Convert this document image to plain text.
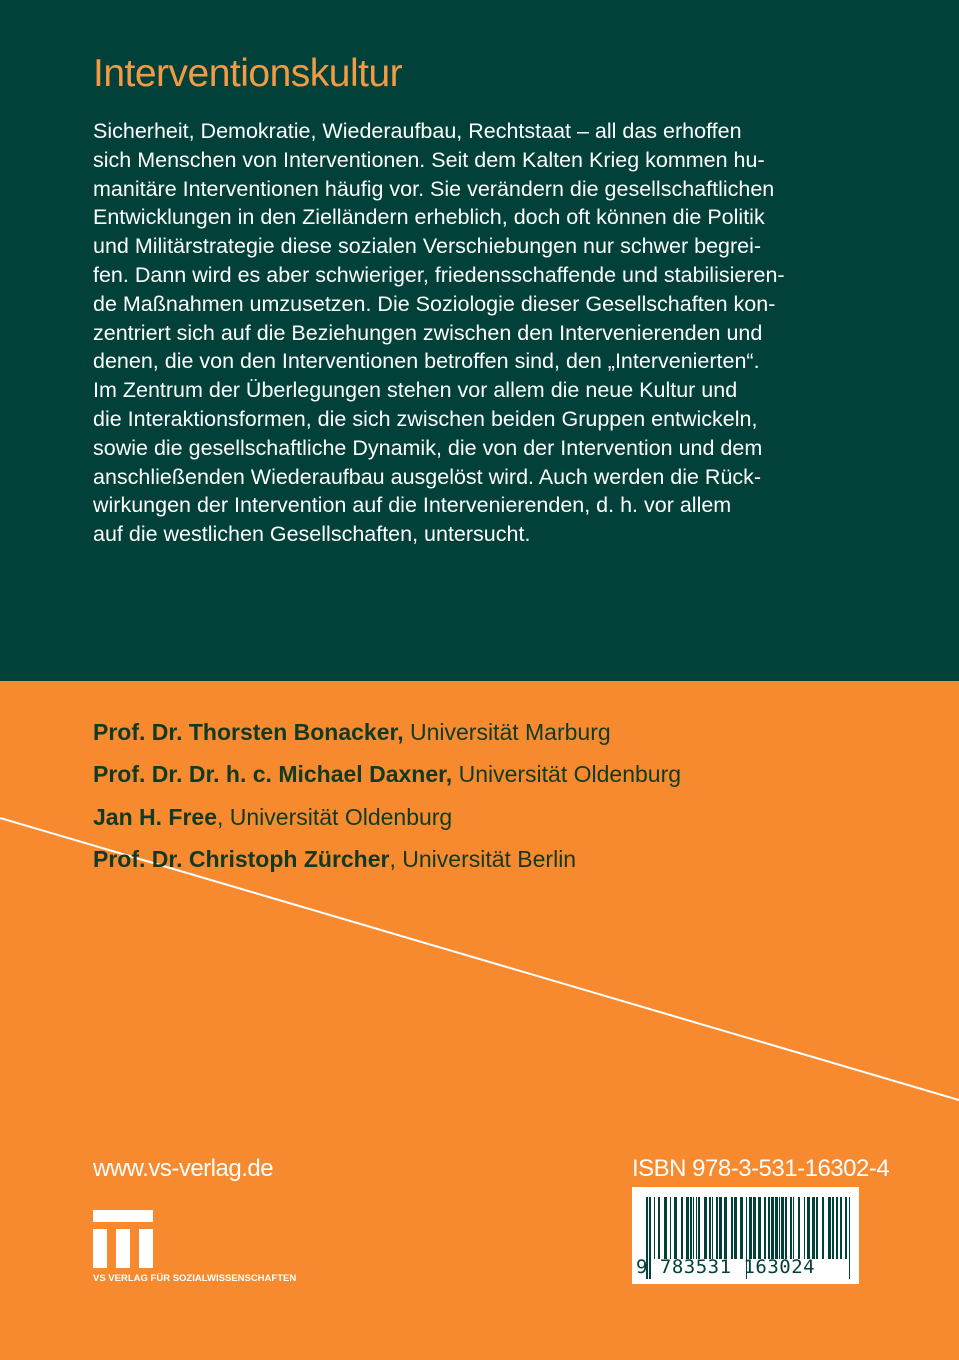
Interventionskultur
Sicherheit, Demokratie, Wiederaufbau, Rechtstaat – all das erhoffen
sich Menschen von Interventionen. Seit dem Kalten Krieg kommen hu-
manitäre Interventionen häufig vor. Sie verändern die gesellschaftlichen
Entwicklungen in den Zielländern erheblich, doch oft können die Politik
und Militärstrategie diese sozialen Verschiebungen nur schwer begrei-
fen. Dann wird es aber schwieriger, friedensschaffende und stabilisieren-
de Maßnahmen umzusetzen. Die Soziologie dieser Gesellschaften kon-
zentriert sich auf die Beziehungen zwischen den Intervenierenden und
denen, die von den Interventionen betroffen sind, den „Intervenierten“.
Im Zentrum der Überlegungen stehen vor allem die neue Kultur und
die Interaktionsformen, die sich zwischen beiden Gruppen entwickeln,
sowie die gesellschaftliche Dynamik, die von der Intervention und dem
anschließenden Wiederaufbau ausgelöst wird. Auch werden die Rück-
wirkungen der Intervention auf die Intervenierenden, d. h. vor allem
auf die westlichen Gesellschaften, untersucht.
Prof. Dr. Thorsten Bonacker, Universität Marburg
Prof. Dr. Dr. h. c. Michael Daxner, Universität Oldenburg
Jan H. Free, Universität Oldenburg
Prof. Dr. Christoph Zürcher, Universität Berlin
www.vs-verlag.de
VS VERLAG FÜR SOZIALWISSENSCHAFTEN
ISBN 978-3-531-16302-4
9 783531 163024
